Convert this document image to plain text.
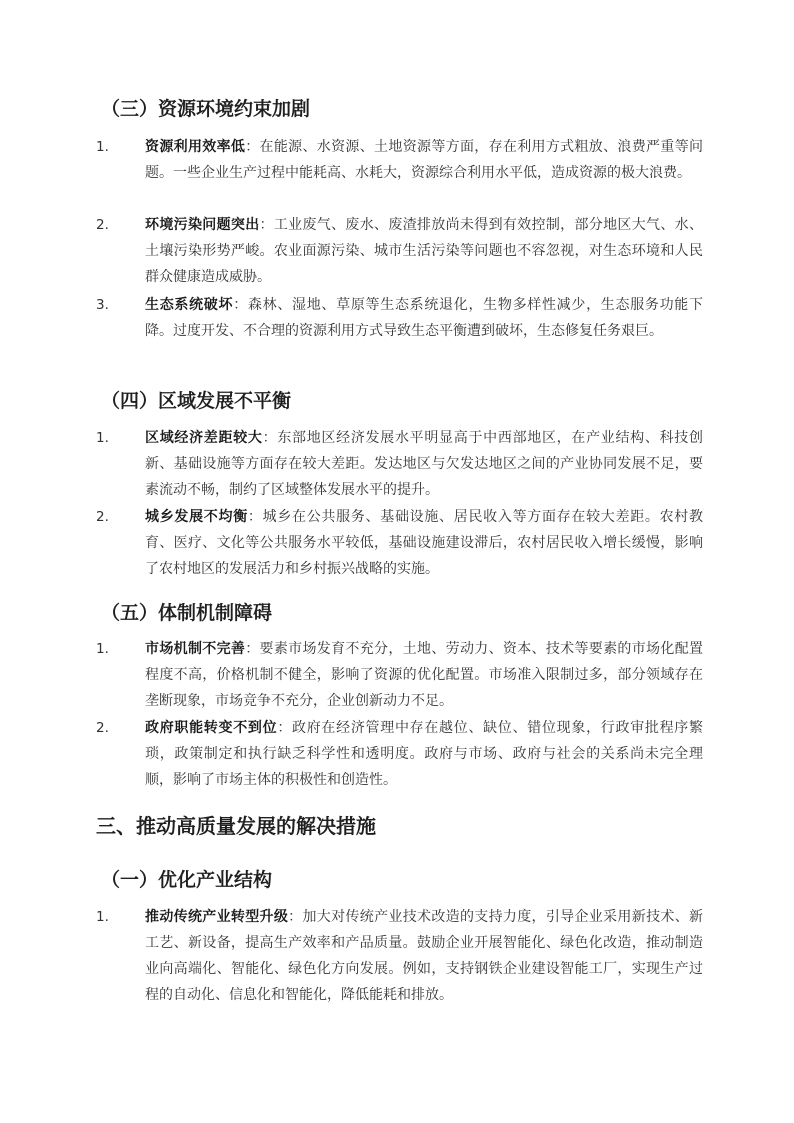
（三）资源环境约束加剧
1.	资源利用效率低：在能源、水资源、土地资源等方面，存在利用方式粗放、浪费严重等问题。一些企业生产过程中能耗高、水耗大，资源综合利用水平低，造成资源的极大浪费。
2.	环境污染问题突出：工业废气、废水、废渣排放尚未得到有效控制，部分地区大气、水、土壤污染形势严峻。农业面源污染、城市生活污染等问题也不容忽视，对生态环境和人民群众健康造成威胁。
3.	生态系统破坏：森林、湿地、草原等生态系统退化，生物多样性减少，生态服务功能下降。过度开发、不合理的资源利用方式导致生态平衡遭到破坏，生态修复任务艰巨。
（四）区域发展不平衡
1.	区域经济差距较大：东部地区经济发展水平明显高于中西部地区，在产业结构、科技创新、基础设施等方面存在较大差距。发达地区与欠发达地区之间的产业协同发展不足，要素流动不畅，制约了区域整体发展水平的提升。
2.	城乡发展不均衡：城乡在公共服务、基础设施、居民收入等方面存在较大差距。农村教育、医疗、文化等公共服务水平较低，基础设施建设滞后，农村居民收入增长缓慢，影响了农村地区的发展活力和乡村振兴战略的实施。
（五）体制机制障碍
1.	市场机制不完善：要素市场发育不充分，土地、劳动力、资本、技术等要素的市场化配置程度不高，价格机制不健全，影响了资源的优化配置。市场准入限制过多，部分领域存在垄断现象，市场竞争不充分，企业创新动力不足。
2.	政府职能转变不到位：政府在经济管理中存在越位、缺位、错位现象，行政审批程序繁琐，政策制定和执行缺乏科学性和透明度。政府与市场、政府与社会的关系尚未完全理顺，影响了市场主体的积极性和创造性。
三、推动高质量发展的解决措施
（一）优化产业结构
1.	推动传统产业转型升级：加大对传统产业技术改造的支持力度，引导企业采用新技术、新工艺、新设备，提高生产效率和产品质量。鼓励企业开展智能化、绿色化改造，推动制造业向高端化、智能化、绿色化方向发展。例如，支持钢铁企业建设智能工厂，实现生产过程的自动化、信息化和智能化，降低能耗和排放。
